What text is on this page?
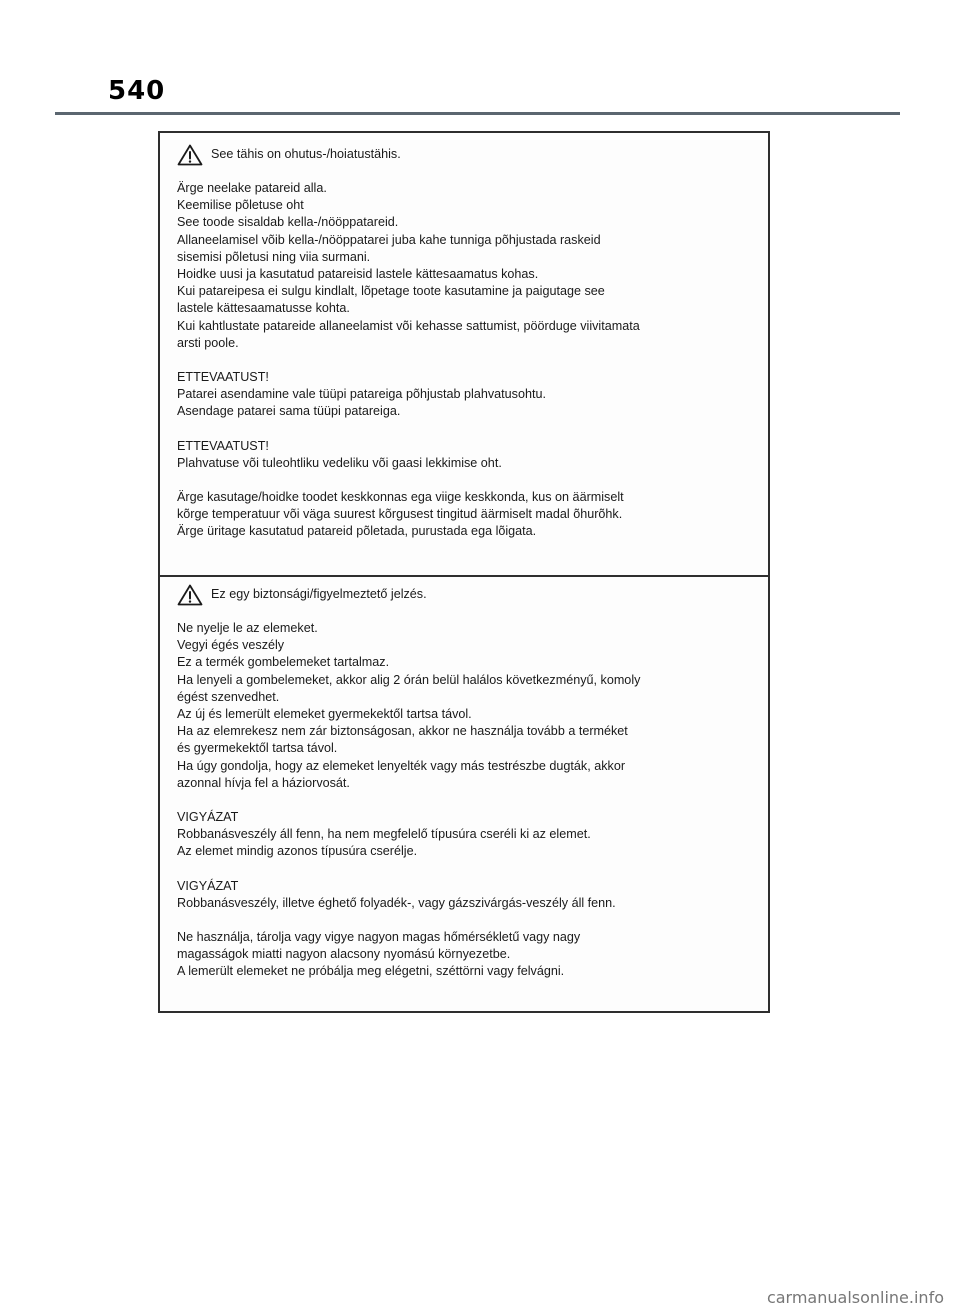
540
See tähis on ohutus-/hoiatustähis.
Ärge neelake patareid alla.
Keemilise põletuse oht
See toode sisaldab kella-/nööppatareid.
Allaneelamisel võib kella-/nööppatarei juba kahe tunniga põhjustada raskeid
sisemisi põletusi ning viia surmani.
Hoidke uusi ja kasutatud patareisid lastele kättesaamatus kohas.
Kui patareipesa ei sulgu kindlalt, lõpetage toote kasutamine ja paigutage see
lastele kättesaamatusse kohta.
Kui kahtlustate patareide allaneelamist või kehasse sattumist, pöörduge viivitamata
arsti poole.
ETTEVAATUST!
Patarei asendamine vale tüüpi patareiga põhjustab plahvatusohtu.
Asendage patarei sama tüüpi patareiga.
ETTEVAATUST!
Plahvatuse või tuleohtliku vedeliku või gaasi lekkimise oht.
Ärge kasutage/hoidke toodet keskkonnas ega viige keskkonda, kus on äärmiselt
kõrge temperatuur või väga suurest kõrgusest tingitud äärmiselt madal õhurõhk.
Ärge üritage kasutatud patareid põletada, purustada ega lõigata.
Ez egy biztonsági/figyelmeztető jelzés.
Ne nyelje le az elemeket.
Vegyi égés veszély
Ez a termék gombelemeket tartalmaz.
Ha lenyeli a gombelemeket, akkor alig 2 órán belül halálos következményű, komoly
égést szenvedhet.
Az új és lemerült elemeket gyermekektől tartsa távol.
Ha az elemrekesz nem zár biztonságosan, akkor ne használja tovább a terméket
és gyermekektől tartsa távol.
Ha úgy gondolja, hogy az elemeket lenyelték vagy más testrészbe dugták, akkor
azonnal hívja fel a háziorvosát.
VIGYÁZAT
Robbanásveszély áll fenn, ha nem megfelelő típusúra cseréli ki az elemet.
Az elemet mindig azonos típusúra cserélje.
VIGYÁZAT
Robbanásveszély, illetve éghető folyadék-, vagy gázszivárgás-veszély áll fenn.
Ne használja, tárolja vagy vigye nagyon magas hőmérsékletű vagy nagy
magasságok miatti nagyon alacsony nyomású környezetbe.
A lemerült elemeket ne próbálja meg elégetni, széttörni vagy felvágni.
carmanualsonline.info
